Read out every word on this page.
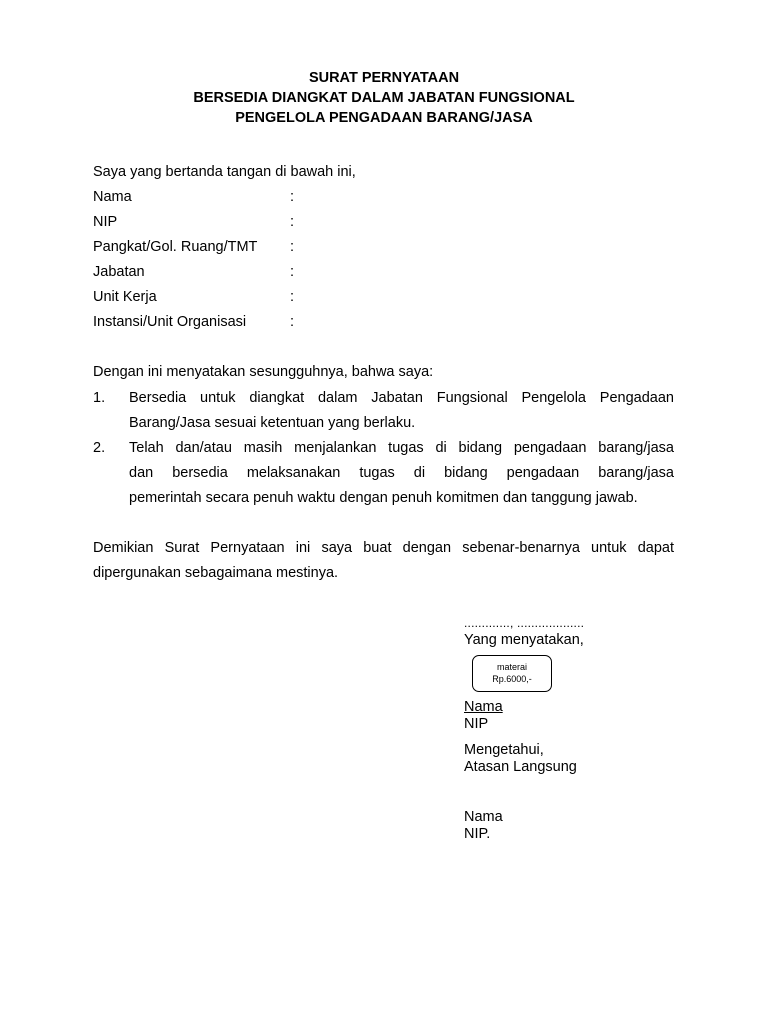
SURAT PERNYATAAN
BERSEDIA DIANGKAT DALAM JABATAN FUNGSIONAL
PENGELOLA PENGADAAN BARANG/JASA
Saya yang bertanda tangan di bawah ini,
Nama	:
NIP	:
Pangkat/Gol. Ruang/TMT :
Jabatan	:
Unit Kerja	:
Instansi/Unit Organisasi	:
Dengan ini menyatakan sesungguhnya, bahwa saya:
1. Bersedia untuk diangkat dalam Jabatan Fungsional Pengelola Pengadaan
Barang/Jasa sesuai ketentuan yang berlaku.
2. Telah dan/atau masih menjalankan tugas di bidang pengadaan barang/jasa
dan bersedia melaksanakan tugas di bidang pengadaan barang/jasa
pemerintah secara penuh waktu dengan penuh komitmen dan tanggung jawab.
Demikian Surat Pernyataan ini saya buat dengan sebenar-benarnya untuk dapat
dipergunakan sebagaimana mestinya.
............., ...................
Yang menyatakan,
materai
Rp.6000,-
Nama
NIP
Mengetahui,
Atasan Langsung
Nama
NIP.
